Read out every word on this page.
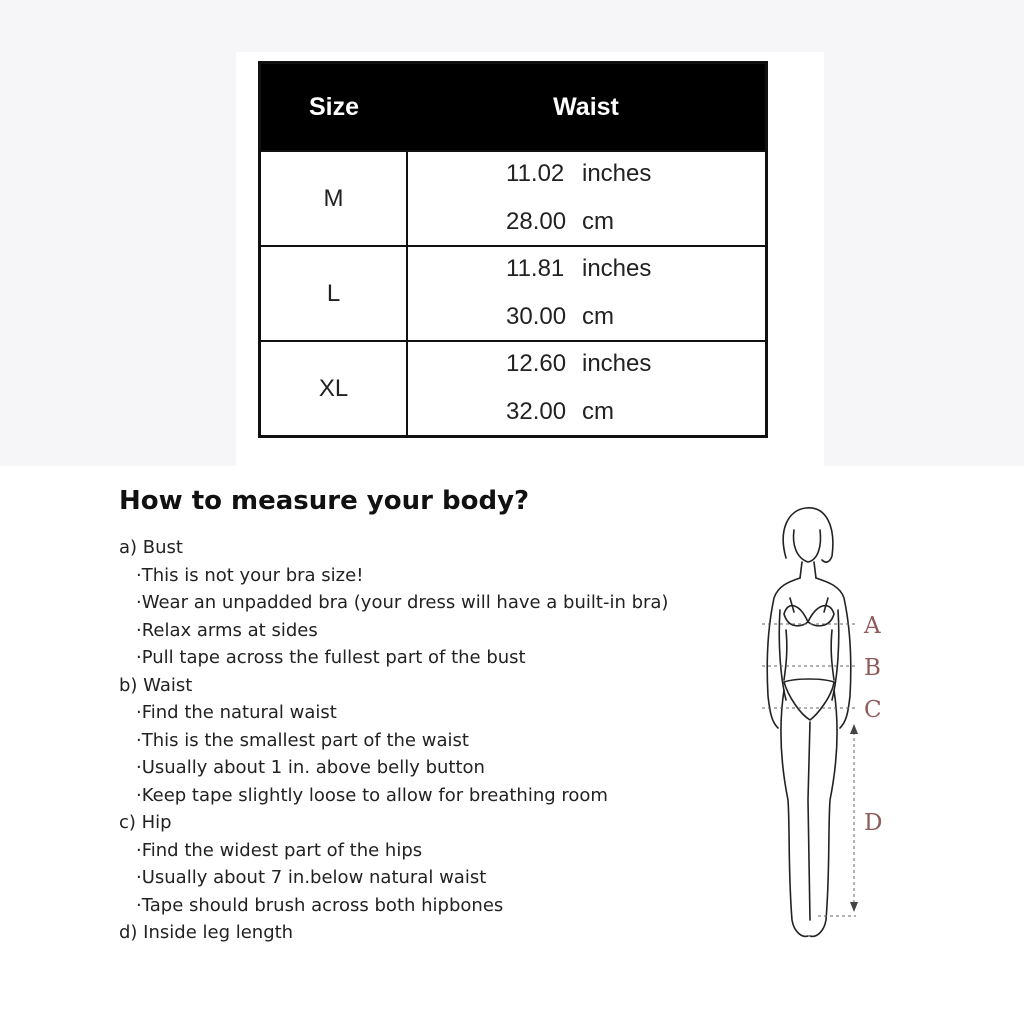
Size	Waist
M	11.02 inches
28.00 cm

L	11.81 inches
30.00 cm

XL	12.60 inches
32.00 cm
How to measure your body?
a) Bust
·This is not your bra size!
·Wear an unpadded bra (your dress will have a built-in bra)
·Relax arms at sides
·Pull tape across the fullest part of the bust
b) Waist
·Find the natural waist
·This is the smallest part of the waist
·Usually about 1 in. above belly button
·Keep tape slightly loose to allow for breathing room
c) Hip
·Find the widest part of the hips
·Usually about 7 in.below natural waist
·Tape should brush across both hipbones
d) Inside leg length
A
B
C
D
